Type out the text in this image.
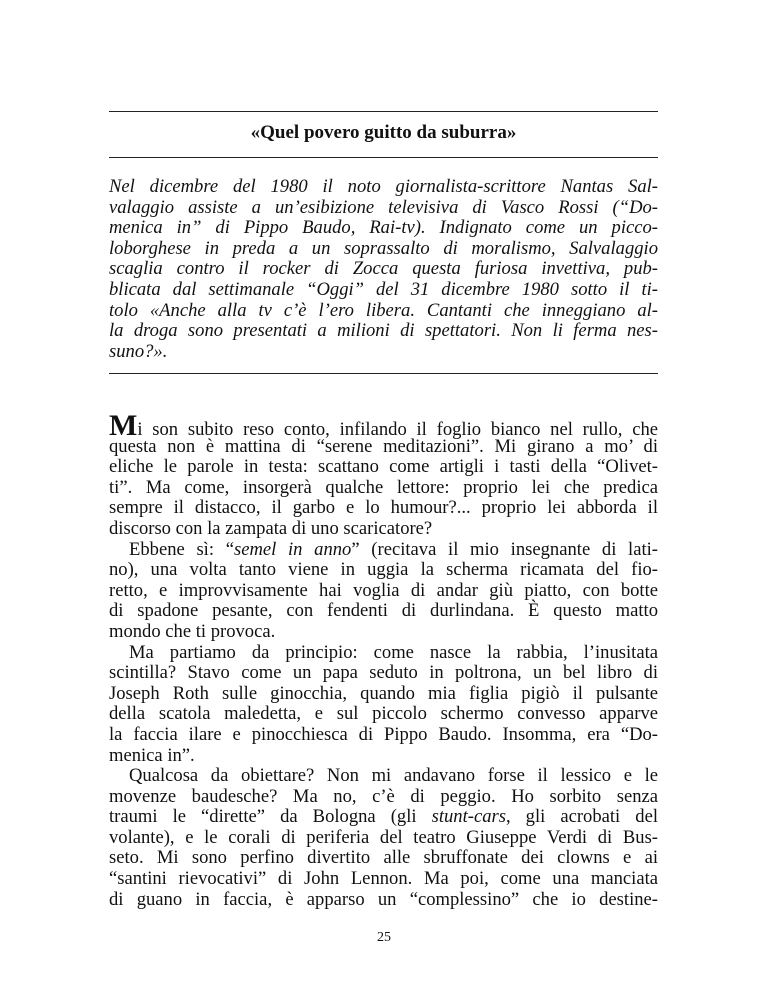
«Quel povero guitto da suburra»
Nel dicembre del 1980 il noto giornalista-scrittore Nantas Sal-
valaggio assiste a un’esibizione televisiva di Vasco Rossi (“Do-
menica in” di Pippo Baudo, Rai-tv). Indignato come un picco-
loborghese in preda a un soprassalto di moralismo, Salvalaggio
scaglia contro il rocker di Zocca questa furiosa invettiva, pub-
blicata dal settimanale “Oggi” del 31 dicembre 1980 sotto il ti-
tolo «Anche alla tv c’è l’ero libera. Cantanti che inneggiano al-
la droga sono presentati a milioni di spettatori. Non li ferma nes-
suno?».
Mi son subito reso conto, infilando il foglio bianco nel rullo, che
questa non è mattina di “serene meditazioni”. Mi girano a mo’ di
eliche le parole in testa: scattano come artigli i tasti della “Olivet-
ti”. Ma come, insorgerà qualche lettore: proprio lei che predica
sempre il distacco, il garbo e lo humour?... proprio lei abborda il
discorso con la zampata di uno scaricatore?
Ebbene sì: “semel in anno” (recitava il mio insegnante di lati-
no), una volta tanto viene in uggia la scherma ricamata del fio-
retto, e improvvisamente hai voglia di andar giù piatto, con botte
di spadone pesante, con fendenti di durlindana. È questo matto
mondo che ti provoca.
Ma partiamo da principio: come nasce la rabbia, l’inusitata
scintilla? Stavo come un papa seduto in poltrona, un bel libro di
Joseph Roth sulle ginocchia, quando mia figlia pigiò il pulsante
della scatola maledetta, e sul piccolo schermo convesso apparve
la faccia ilare e pinocchiesca di Pippo Baudo. Insomma, era “Do-
menica in”.
Qualcosa da obiettare? Non mi andavano forse il lessico e le
movenze baudesche? Ma no, c’è di peggio. Ho sorbito senza
traumi le “dirette” da Bologna (gli stunt-cars, gli acrobati del
volante), e le corali di periferia del teatro Giuseppe Verdi di Bus-
seto. Mi sono perfino divertito alle sbruffonate dei clowns e ai
“santini rievocativi” di John Lennon. Ma poi, come una manciata
di guano in faccia, è apparso un “complessino” che io destine-
25
